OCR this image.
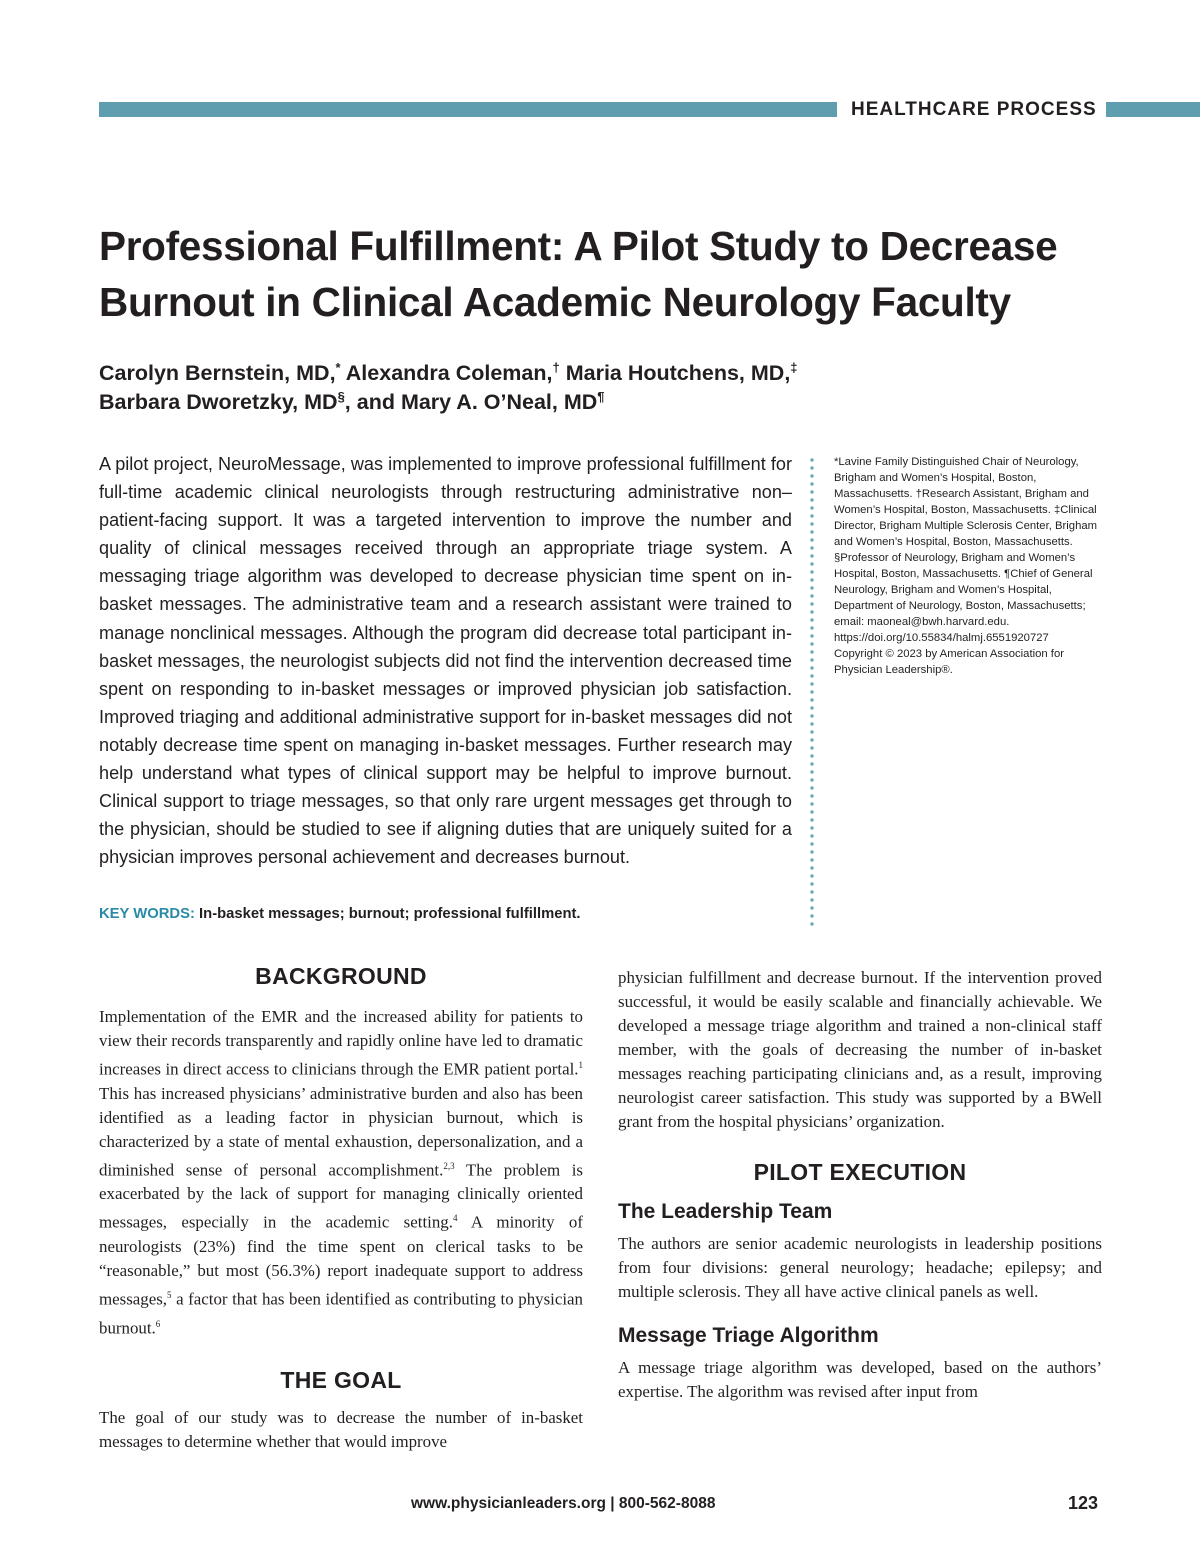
HEALTHCARE PROCESS
Professional Fulfillment: A Pilot Study to Decrease Burnout in Clinical Academic Neurology Faculty
Carolyn Bernstein, MD,* Alexandra Coleman,† Maria Houtchens, MD,‡
Barbara Dworetzky, MD§, and Mary A. O’Neal, MD¶

A pilot project, NeuroMessage, was implemented to improve professional fulfillment for full-time academic clinical neurologists through restructuring administrative non–patient-facing support. It was a targeted intervention to improve the number and quality of clinical messages received through an appropriate triage system. A messaging triage algorithm was developed to decrease physician time spent on in-basket messages. The administrative team and a research assistant were trained to manage nonclinical messages. Although the program did decrease total participant in-basket messages, the neurologist subjects did not find the intervention decreased time spent on responding to in-basket messages or improved physician job satisfaction. Improved triaging and additional administrative support for in-basket messages did not notably decrease time spent on managing in-basket messages. Further research may help understand what types of clinical support may be helpful to improve burnout. Clinical support to triage messages, so that only rare urgent messages get through to the physician, should be studied to see if aligning duties that are uniquely suited for a physician improves personal achievement and decreases burnout.

KEY WORDS: In-basket messages; burnout; professional fulfillment.

*Lavine Family Distinguished Chair of Neurology, Brigham and Women’s Hospital, Boston, Massachusetts. †Research Assistant, Brigham and Women’s Hospital, Boston, Massachusetts. ‡Clinical Director, Brigham Multiple Sclerosis Center, Brigham and Women’s Hospital, Boston, Massachusetts. §Professor of Neurology, Brigham and Women’s Hospital, Boston, Massachusetts. ¶Chief of General Neurology, Brigham and Women’s Hospital, Department of Neurology, Boston, Massachusetts; email: maoneal@bwh.harvard.edu. https://doi.org/10.55834/halmj.6551920727 Copyright © 2023 by American Association for Physician Leadership®.

BACKGROUND

Implementation of the EMR and the increased ability for patients to view their records transparently and rapidly online have led to dramatic increases in direct access to clinicians through the EMR patient portal.$^1$ This has increased physicians’ administrative burden and also has been identified as a leading factor in physician burnout, which is characterized by a state of mental exhaustion, depersonalization, and a diminished sense of personal accomplishment.$^{2,3}$ The problem is exacerbated by the lack of support for managing clinically oriented messages, especially in the academic setting.$^4$ A minority of neurologists (23%) find the time spent on clerical tasks to be “reasonable,” but most (56.3%) report inadequate support to address messages,$^5$ a factor that has been identified as contributing to physician burnout.$^6$

THE GOAL

The goal of our study was to decrease the number of in-basket messages to determine whether that would improve

physician fulfillment and decrease burnout. If the intervention proved successful, it would be easily scalable and financially achievable. We developed a message triage algorithm and trained a non-clinical staff member, with the goals of decreasing the number of in-basket messages reaching participating clinicians and, as a result, improving neurologist career satisfaction. This study was supported by a BWell grant from the hospital physicians’ organization.

PILOT EXECUTION
The Leadership Team

The authors are senior academic neurologists in leadership positions from four divisions: general neurology; headache; epilepsy; and multiple sclerosis. They all have active clinical panels as well.

Message Triage Algorithm

A message triage algorithm was developed, based on the authors’ expertise. The algorithm was revised after input from

www.physicianleaders.org | 800-562-8088	123
